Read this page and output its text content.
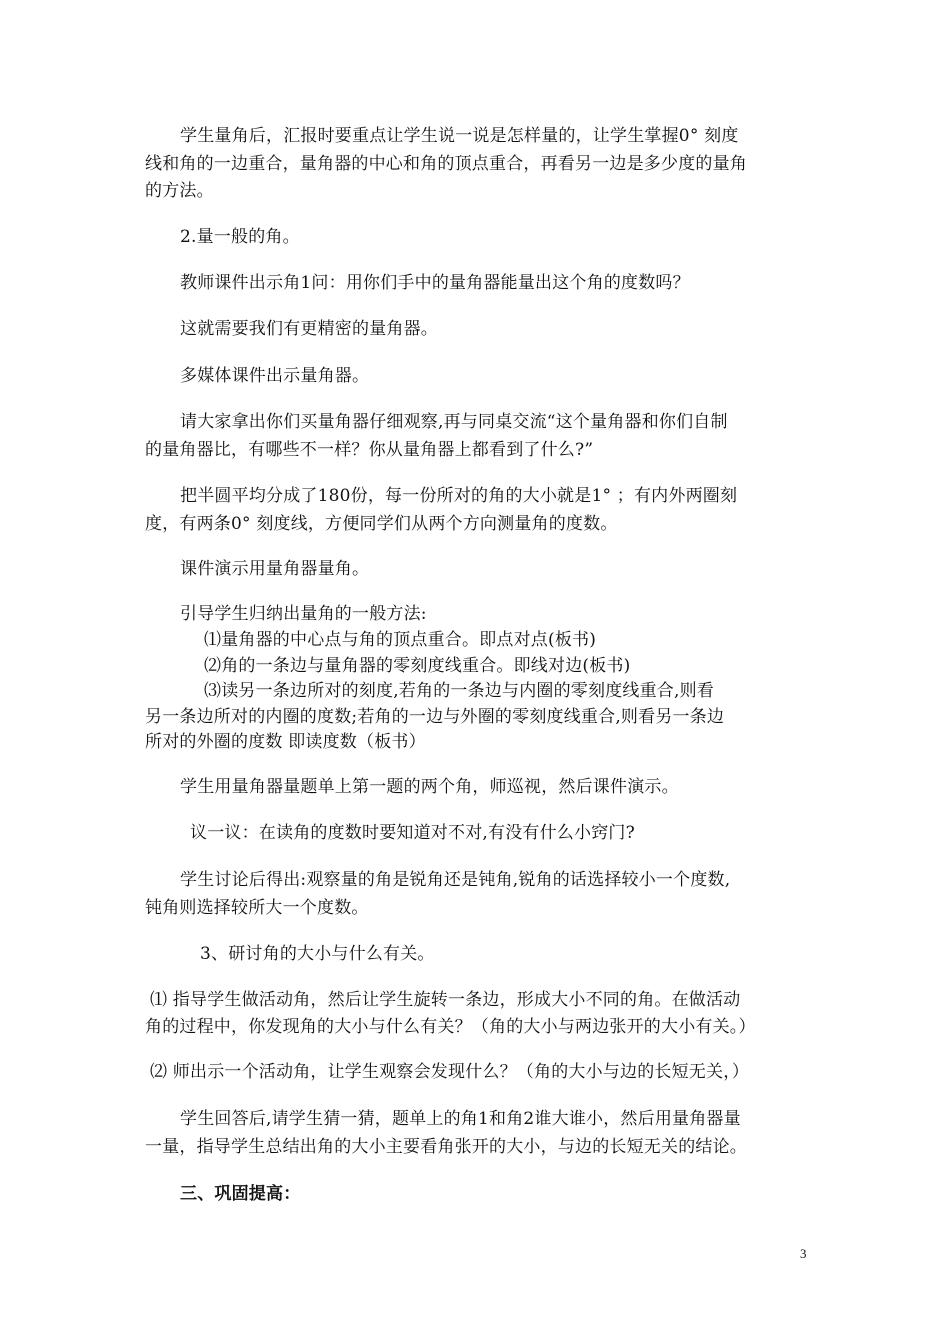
学生量角后，汇报时要重点让学生说一说是怎样量的，让学生掌握0° 刻度
线和角的一边重合，量角器的中心和角的顶点重合，再看另一边是多少度的量角
的方法。
2.量一般的角。
教师课件出示角1问：用你们手中的量角器能量出这个角的度数吗？
这就需要我们有更精密的量角器。
多媒体课件出示量角器。
请大家拿出你们买量角器仔细观察,再与同桌交流“这个量角器和你们自制
的量角器比，有哪些不一样？你从量角器上都看到了什么?”
把半圆平均分成了180份，每一份所对的角的大小就是1° ；有内外两圈刻
度，有两条0° 刻度线，方便同学们从两个方向测量角的度数。
课件演示用量角器量角。
引导学生归纳出量角的一般方法:
⑴量角器的中心点与角的顶点重合。即点对点(板书)
⑵角的一条边与量角器的零刻度线重合。即线对边(板书)
⑶读另一条边所对的刻度,若角的一条边与内圈的零刻度线重合,则看
另一条边所对的内圈的度数;若角的一边与外圈的零刻度线重合,则看另一条边
所对的外圈的度数 即读度数（板书）
学生用量角器量题单上第一题的两个角，师巡视，然后课件演示。
议一议：在读角的度数时要知道对不对,有没有什么小窍门?
学生讨论后得出:观察量的角是锐角还是钝角,锐角的话选择较小一个度数,
钝角则选择较所大一个度数。
3、研讨角的大小与什么有关。
⑴ 指导学生做活动角，然后让学生旋转一条边，形成大小不同的角。在做活动
角的过程中，你发现角的大小与什么有关？（角的大小与两边张开的大小有关。）
⑵ 师出示一个活动角，让学生观察会发现什么？（角的大小与边的长短无关，）
学生回答后,请学生猜一猜，题单上的角1和角2谁大谁小，然后用量角器量
一量，指导学生总结出角的大小主要看角张开的大小，与边的长短无关的结论。
三、巩固提高：
3
